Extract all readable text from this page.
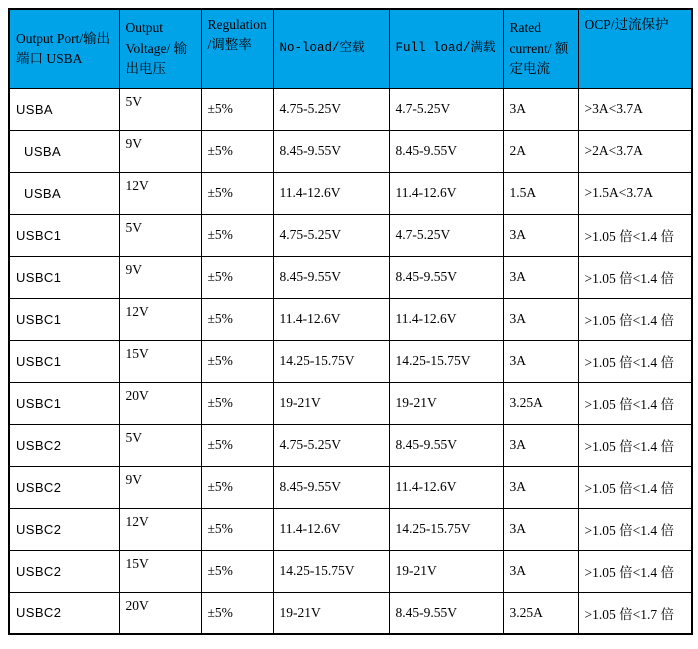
Output Port/输出端口 USBA	Output Voltage/ 输出电压	Regulation/调整率	No-load/空载	Full load/满载	Rated current/ 额定电流	OCP/过流保护
USBA	5V	±5%	4.75-5.25V	4.7-5.25V	3A	>3A<3.7A
USBA	9V	±5%	8.45-9.55V	8.45-9.55V	2A	>2A<3.7A
USBA	12V	±5%	11.4-12.6V	11.4-12.6V	1.5A	>1.5A<3.7A
USBC1	5V	±5%	4.75-5.25V	4.7-5.25V	3A	>1.05 倍<1.4 倍
USBC1	9V	±5%	8.45-9.55V	8.45-9.55V	3A	>1.05 倍<1.4 倍
USBC1	12V	±5%	11.4-12.6V	11.4-12.6V	3A	>1.05 倍<1.4 倍
USBC1	15V	±5%	14.25-15.75V	14.25-15.75V	3A	>1.05 倍<1.4 倍
USBC1	20V	±5%	19-21V	19-21V	3.25A	>1.05 倍<1.4 倍
USBC2	5V	±5%	4.75-5.25V	8.45-9.55V	3A	>1.05 倍<1.4 倍
USBC2	9V	±5%	8.45-9.55V	11.4-12.6V	3A	>1.05 倍<1.4 倍
USBC2	12V	±5%	11.4-12.6V	14.25-15.75V	3A	>1.05 倍<1.4 倍
USBC2	15V	±5%	14.25-15.75V	19-21V	3A	>1.05 倍<1.4 倍
USBC2	20V	±5%	19-21V	8.45-9.55V	3.25A	>1.05 倍<1.7 倍
